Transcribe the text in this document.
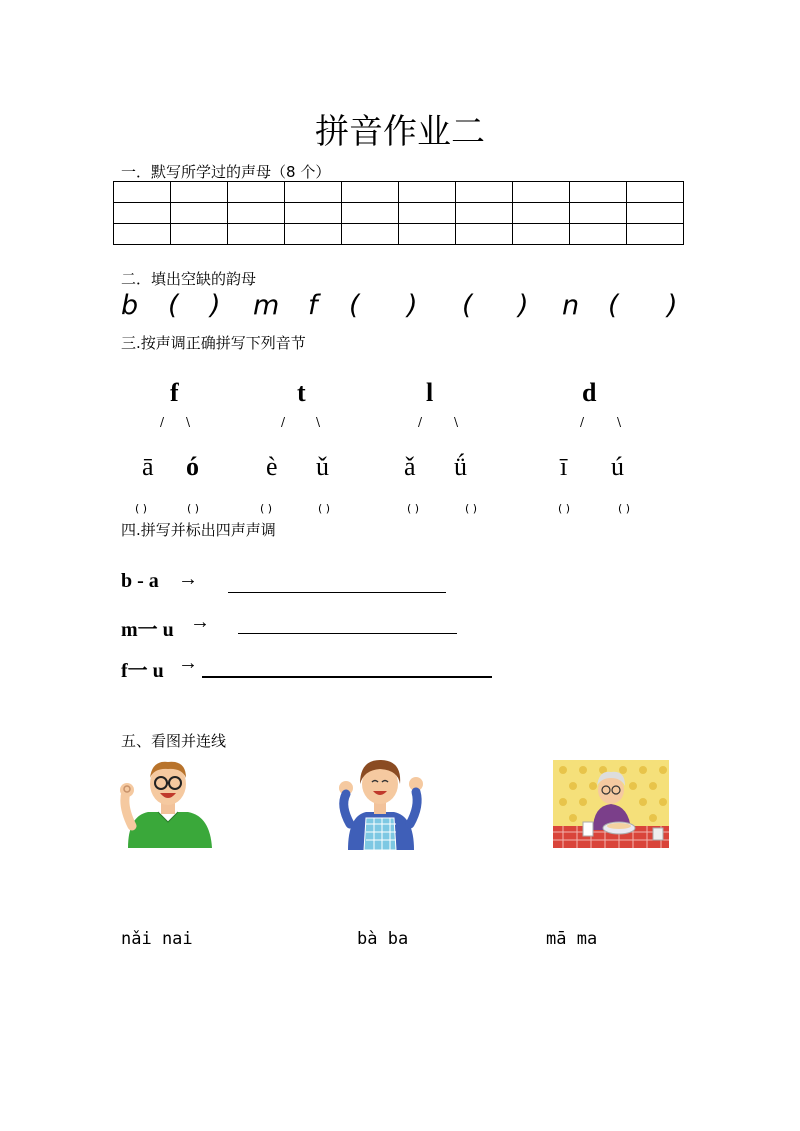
拼音作业二
一．默写所学过的声母（8 个）

二．填出空缺的韵母
b ( ) m f ( ) ( ) n ( )
三.按声调正确拼写下列音节
f	t	l	d
/ \	/	\	/	\	/	\
ā ó	è ǔ	ǎ ǘ	ī ú
( )	( )	( )	( )	( )	( )	( )	( )
四.拼写并标出四声声调
b - a →
m一 u →
f一 u →
五、看图并连线
nǎi nai	bà ba	mā ma
